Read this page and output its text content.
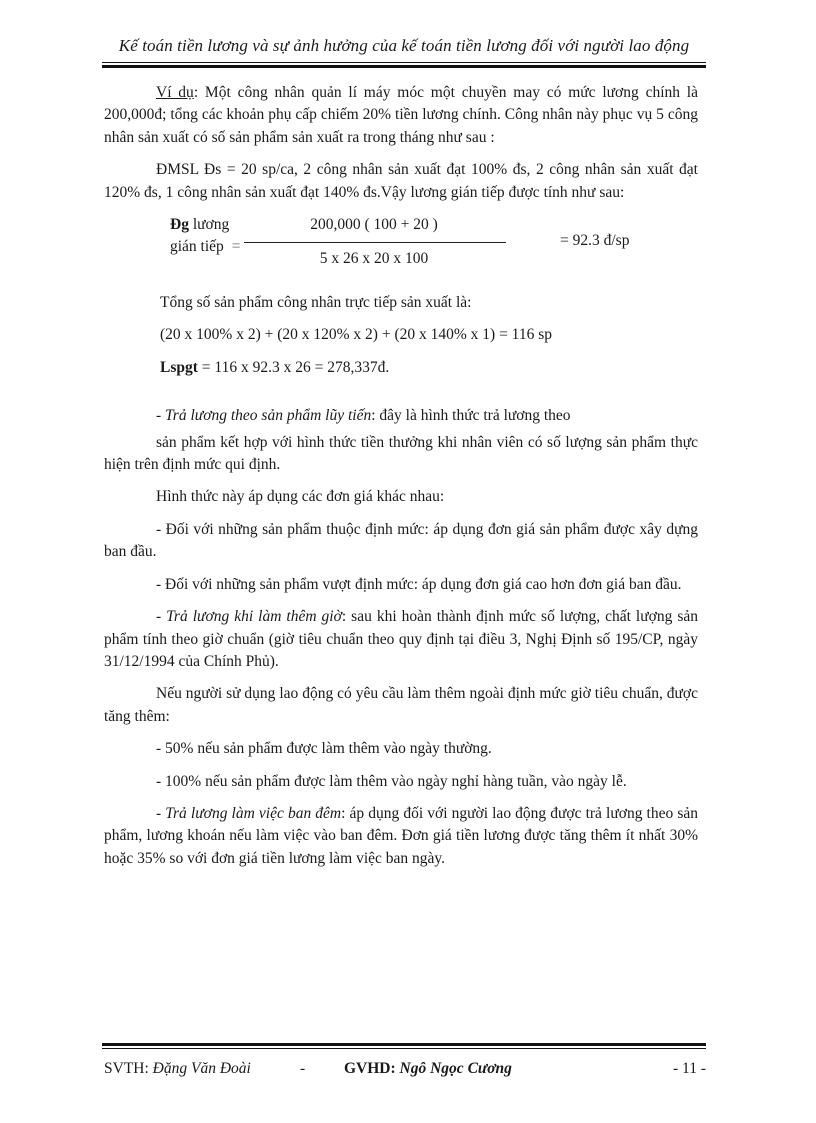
Kế toán tiền lương và sự ảnh hưởng của kế toán tiền lương đối với người lao động

Ví dụ: Một công nhân quản lí máy móc một chuyền may có mức lương chính là 200,000đ; tổng các khoản phụ cấp chiếm 20% tiền lương chính. Công nhân này phục vụ 5 công nhân sản xuất có số sản phẩm sản xuất ra trong tháng như sau :

ĐMSL Đs = 20 sp/ca, 2 công nhân sản xuất đạt 100% đs, 2 công nhân sản xuất đạt 120% đs, 1 công nhân sản xuất đạt 140% đs.Vậy lương gián tiếp được tính như sau:

Đg lương
gián tiếp =
200,000 ( 100 + 20 )
5 x 26 x 20 x 100
= 92.3 đ/sp

Tổng số sản phẩm công nhân trực tiếp sản xuất là:

(20 x 100% x 2) + (20 x 120% x 2) + (20 x 140% x 1) = 116 sp

Lspgt = 116 x 92.3 x 26 = 278,337đ.

- Trả lương theo sản phẩm lũy tiến: đây là hình thức trả lương theo

sản phẩm kết hợp với hình thức tiền thưởng khi nhân viên có số lượng sản phẩm thực hiện trên định mức qui định.

Hình thức này áp dụng các đơn giá khác nhau:

- Đối với những sản phẩm thuộc định mức: áp dụng đơn giá sản phẩm được xây dựng ban đầu.

- Đối với những sản phẩm vượt định mức: áp dụng đơn giá cao hơn đơn giá ban đầu.

- Trả lương khi làm thêm giờ: sau khi hoàn thành định mức số lượng, chất lượng sản phẩm tính theo giờ chuẩn (giờ tiêu chuẩn theo quy định tại điều 3, Nghị Định số 195/CP, ngày 31/12/1994 của Chính Phủ).

Nếu người sử dụng lao động có yêu cầu làm thêm ngoài định mức giờ tiêu chuẩn, được tăng thêm:

- 50% nếu sản phẩm được làm thêm vào ngày thường.

- 100% nếu sản phẩm được làm thêm vào ngày nghỉ hàng tuần, vào ngày lễ.

- Trả lương làm việc ban đêm: áp dụng đối với người lao động được trả lương theo sản phẩm, lương khoán nếu làm việc vào ban đêm. Đơn giá tiền lương được tăng thêm ít nhất 30% hoặc 35% so với đơn giá tiền lương làm việc ban ngày.

SVTH: Đặng Văn Đoài	-	GVHD: Ngô Ngọc Cương	- 11 -
